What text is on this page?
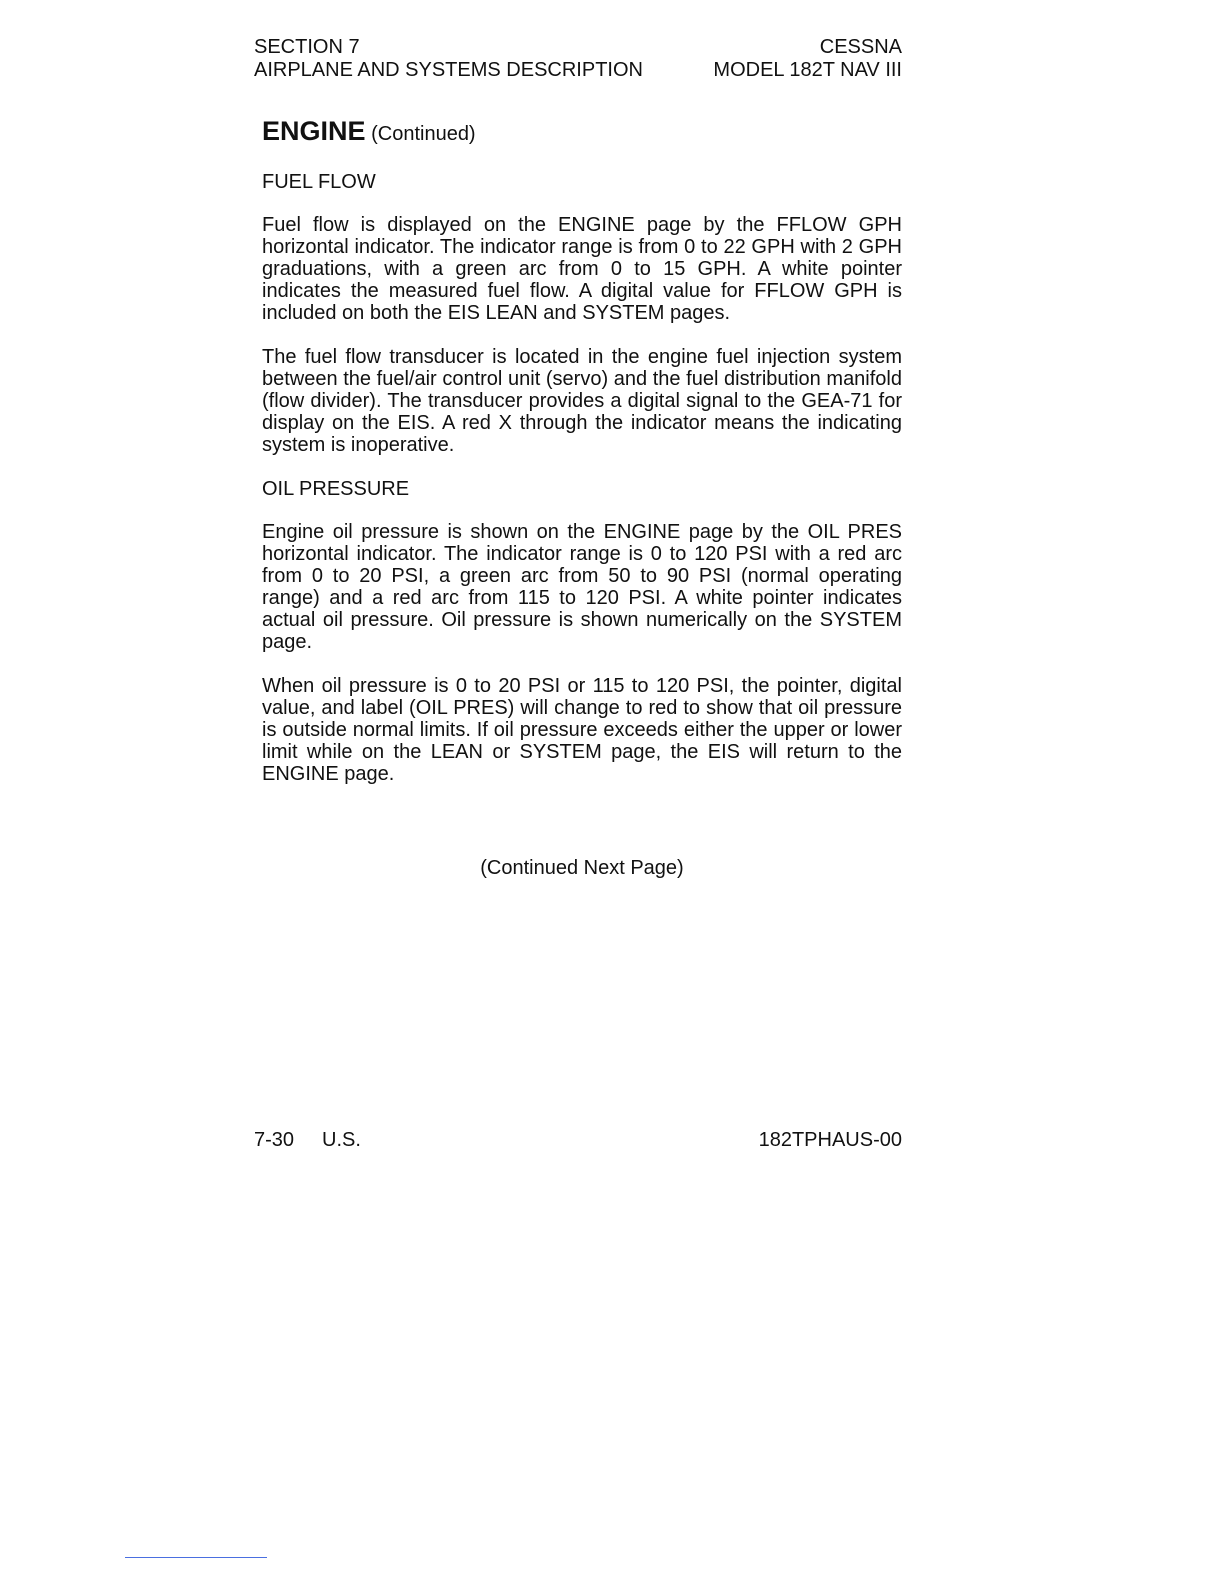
SECTION 7
AIRPLANE AND SYSTEMS DESCRIPTION
CESSNA
MODEL 182T NAV III
ENGINE (Continued)
FUEL FLOW

Fuel flow is displayed on the ENGINE page by the FFLOW GPH horizontal indicator. The indicator range is from 0 to 22 GPH with 2 GPH graduations, with a green arc from 0 to 15 GPH. A white pointer indicates the measured fuel flow. A digital value for FFLOW GPH is included on both the EIS LEAN and SYSTEM pages.

The fuel flow transducer is located in the engine fuel injection system between the fuel/air control unit (servo) and the fuel distribution manifold (flow divider). The transducer provides a digital signal to the GEA-71 for display on the EIS. A red X through the indicator means the indicating system is inoperative.

OIL PRESSURE

Engine oil pressure is shown on the ENGINE page by the OIL PRES horizontal indicator. The indicator range is 0 to 120 PSI with a red arc from 0 to 20 PSI, a green arc from 50 to 90 PSI (normal operating range) and a red arc from 115 to 120 PSI. A white pointer indicates actual oil pressure. Oil pressure is shown numerically on the SYSTEM page.

When oil pressure is 0 to 20 PSI or 115 to 120 PSI, the pointer, digital value, and label (OIL PRES) will change to red to show that oil pressure is outside normal limits. If oil pressure exceeds either the upper or lower limit while on the LEAN or SYSTEM page, the EIS will return to the ENGINE page.

(Continued Next Page)
7-30 U.S.	182TPHAUS-00
